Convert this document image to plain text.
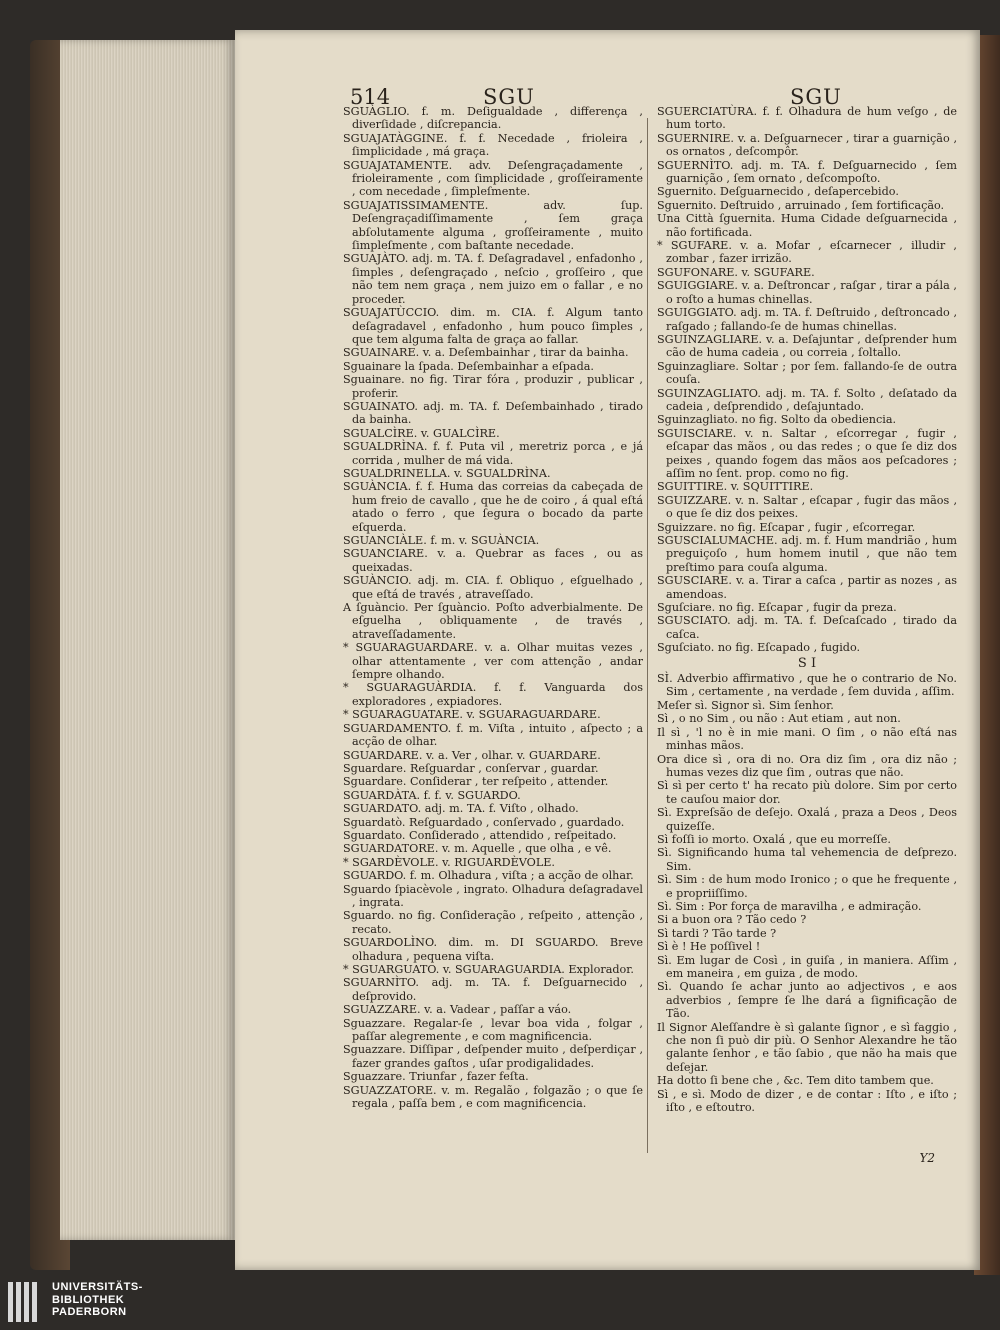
514	SGU	SGU

SGUÀGLIO. f. m. Deſigualdade , differença , diverſidade , diſcrepancia.

SGUAJATÀGGINE. f. f. Necedade , frioleira , ſimplicidade , má graça.

SGUAJATAMENTE. adv. Deſengraçadamente , frioleiramente , com ſimplicidade , groſſeiramente , com necedade , ſimpleſmente.

SGUAJATISSIMAMENTE. adv. ſup. Deſengraçadiſſimamente , ſem graça abſolutamente alguma , groſſeiramente , muito ſimpleſmente , com baſtante necedade.

SGUAJÀTO. adj. m. TA. f. Deſagradavel , enfadonho , ſimples , deſengraçado , neſcio , groſſeiro , que não tem nem graça , nem juizo em o fallar , e no proceder.

SGUAJATÙCCIO. dim. m. CIA. f. Algum tanto deſagradavel , enfadonho , hum pouco ſimples , que tem alguma falta de graça ao fallar.

SGUAINARE. v. a. Deſembainhar , tirar da bainha.

Sguainare la ſpada. Deſembainhar a eſpada.

Sguainare. no fig. Tirar fóra , produzir , publicar , proferir.

SGUAINATO. adj. m. TA. f. Deſembainhado , tirado da bainha.

SGUALCÌRE. v. GUALCÌRE.

SGUALDRÌNA. f. f. Puta vil , meretriz porca , e já corrida , mulher de má vida.

SGUALDRINELLA. v. SGUALDRÌNA.

SGUÀNCIA. f. f. Huma das correias da cabeçada de hum freio de cavallo , que he de coiro , á qual eſtá atado o ferro , que ſegura o bocado da parte eſquerda.

SGUANCIÀLE. f. m. v. SGUÀNCIA.

SGUANCIARE. v. a. Quebrar as faces , ou as queixadas.

SGUÀNCIO. adj. m. CIA. f. Obliquo , eſguelhado , que eſtá de través , atraveſſado.

A ſguàncio. Per ſguàncio. Poſto adverbialmente. De eſguelha , obliquamente , de través , atraveſſadamente.

* SGUARAGUARDARE. v. a. Olhar muitas vezes , olhar attentamente , ver com attenção , andar ſempre olhando.

* SGUARAGUÀRDIA. f. f. Vanguarda dos exploradores , expiadores.

* SGUARAGUATARE. v. SGUARAGUARDARE.

SGUARDAMENTO. f. m. Viſta , intuito , aſpecto ; a acção de olhar.

SGUARDARE. v. a. Ver , olhar. v. GUARDARE.

Sguardare. Reſguardar , conſervar , guardar.

Sguardare. Conſiderar , ter reſpeito , attender.

SGUARDÀTA. f. f. v. SGUARDO.

SGUARDATO. adj. m. TA. f. Viſto , olhado.

Sguardatò. Reſguardado , conſervado , guardado.

Sguardato. Conſiderado , attendido , reſpeitado.

SGUARDATORE. v. m. Aquelle , que olha , e vê.

* SGARDÈVOLE. v. RIGUARDÈVOLE.

SGUARDO. f. m. Olhadura , viſta ; a acção de olhar.

Sguardo ſpiacèvole , ingrato. Olhadura deſagradavel , ingrata.

Sguardo. no fig. Conſideração , reſpeito , attenção , recato.

SGUARDOLÌNO. dim. m. DI SGUARDO. Breve olhadura , pequena viſta.

* SGUARGUATO. v. SGUARAGUARDIA. Explorador.

SGUARNÌTO. adj. m. TA. f. Deſguarnecido , deſprovido.

SGUAZZARE. v. a. Vadear , paſſar a váo.

Sguazzare. Regalar-ſe , levar boa vida , folgar , paſſar alegremente , e com magnificencia.

Sguazzare. Diſſipar , deſpender muito , deſperdiçar , fazer grandes gaſtos , uſar prodigalidades.

Sguazzare. Triunfar , fazer feſta.

SGUAZZATORE. v. m. Regalão , folgazão ; o que ſe regala , paſſa bem , e com magnificencia.

SGUERCIATÙRA. f. f. Olhadura de hum veſgo , de hum torto.

SGUERNIRE. v. a. Deſguarnecer , tirar a guarnição , os ornatos , deſcompôr.

SGUERNÌTO. adj. m. TA. f. Deſguarnecido , ſem guarnição , ſem ornato , deſcompoſto.

Sguernito. Deſguarnecido , deſapercebido.

Sguernito. Deſtruido , arruinado , ſem fortificação.

Una Città ſguernita. Huma Cidade deſguarnecida , não fortificada.

* SGUFARE. v. a. Mofar , eſcarnecer , illudir , zombar , fazer irrizão.

SGUFONARE. v. SGUFARE.

SGUIGGIARE. v. a. Deſtroncar , raſgar , tirar a pála , o roſto a humas chinellas.

SGUIGGIATO. adj. m. TA. f. Deſtruido , deſtroncado , raſgado ; fallando-ſe de humas chinellas.

SGUINZAGLIARE. v. a. Deſajuntar , deſprender hum cão de huma cadeia , ou correia , ſoltallo.

Sguinzagliare. Soltar ; por ſem. fallando-ſe de outra couſa.

SGUINZAGLIATO. adj. m. TA. f. Solto , deſatado da cadeia , deſprendido , deſajuntado.

Sguinzagliato. no fig. Solto da obediencia.

SGUISCIARE. v. n. Saltar , eſcorregar , fugir , eſcapar das mãos , ou das redes ; o que ſe diz dos peixes , quando fogem das mãos aos peſcadores ; aſſim no ſent. prop. como no fig.

SGUITTIRE. v. SQUITTIRE.

SGUIZZARE. v. n. Saltar , eſcapar , fugir das mãos , o que ſe diz dos peixes.

Sguizzare. no fig. Eſcapar , fugir , eſcorregar.

SGUSCIALUMACHE. adj. m. f. Hum mandrião , hum preguiçoſo , hum homem inutil , que não tem preſtimo para couſa alguma.

SGUSCIARE. v. a. Tirar a caſca , partir as nozes , as amendoas.

Sguſciare. no fig. Eſcapar , fugir da preza.

SGUSCIATO. adj. m. TA. f. Deſcaſcado , tirado da caſca.

Sguſciato. no fig. Eſcapado , fugido.

S I

SÌ. Adverbio affirmativo , que he o contrario de No. Sim , certamente , na verdade , ſem duvida , aſſim.

Meſer sì. Signor sì. Sim ſenhor.

Sì , o no Sim , ou não : Aut etiam , aut non.

Il sì , 'l no è in mie mani. O ſim , o não eſtá nas minhas mãos.

Ora dice sì , ora di no. Ora diz ſim , ora diz não ; humas vezes diz que ſim , outras que não.

Sì sì per certo t' ha recato più dolore. Sim por certo te cauſou maior dor.

Sì. Expreſsão de deſejo. Oxalá , praza a Deos , Deos quizeſſe.

Sì foſſi io morto. Oxalá , que eu morreſſe.

Sì. Significando huma tal vehemencia de deſprezo. Sim.

Sì. Sim : de hum modo Ironico ; o que he frequente , e propriiſſimo.

Sì. Sim : Por força de maravilha , e admiração.

Si a buon ora ? Tão cedo ?

Sì tardi ? Tão tarde ?

Sì è ! He poſſivel !

Sì. Em lugar de Così , in guiſa , in maniera. Aſſim , em maneira , em guiza , de modo.

Sì. Quando ſe achar junto ao adjectivos , e aos adverbios , ſempre ſe lhe dará a ſignificação de Tão.

Il Signor Aleſſandre è sì galante ſignor , e sì faggio , che non ſi può dir più. O Senhor Alexandre he tão galante ſenhor , e tão ſabio , que não ha mais que deſejar.

Ha dotto ſi bene che , &c. Tem dito tambem que.

Sì , e sì. Modo de dizer , e de contar : Iſto , e iſto ; iſto , e eſtoutro.

Y2
UNIVERSITÄTS-
BIBLIOTHEK
PADERBORN
